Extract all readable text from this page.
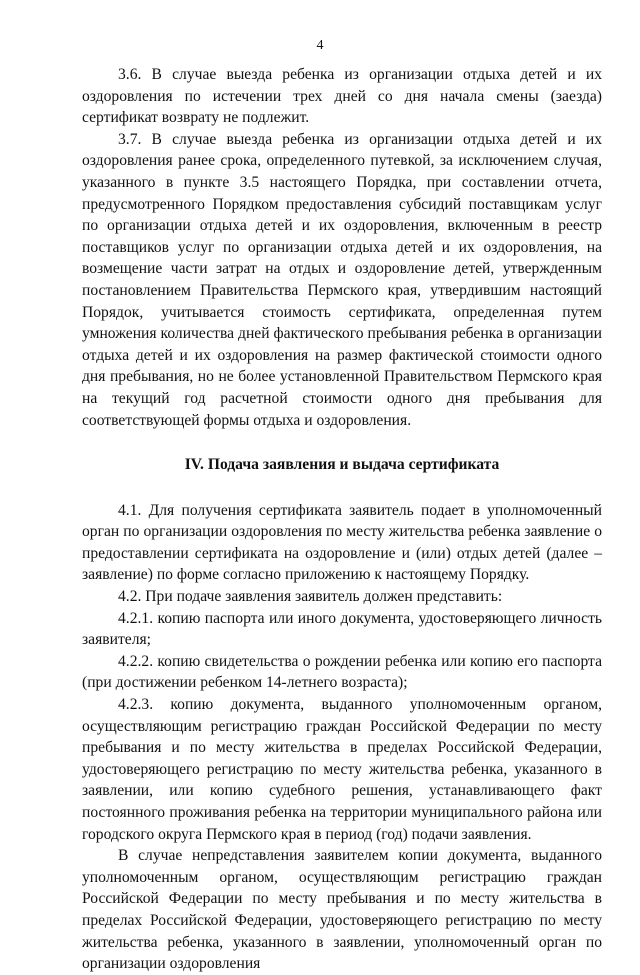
4

3.6. В случае выезда ребенка из организации отдыха детей и их оздоровления по истечении трех дней со дня начала смены (заезда) сертификат возврату не подлежит.

3.7. В случае выезда ребенка из организации отдыха детей и их оздоровления ранее срока, определенного путевкой, за исключением случая, указанного в пункте 3.5 настоящего Порядка, при составлении отчета, предусмотренного Порядком предоставления субсидий поставщикам услуг по организации отдыха детей и их оздоровления, включенным в реестр поставщиков услуг по организации отдыха детей и их оздоровления, на возмещение части затрат на отдых и оздоровление детей, утвержденным постановлением Правительства Пермского края, утвердившим настоящий Порядок, учитывается стоимость сертификата, определенная путем умножения количества дней фактического пребывания ребенка в организации отдыха детей и их оздоровления на размер фактической стоимости одного дня пребывания, но не более установленной Правительством Пермского края на текущий год расчетной стоимости одного дня пребывания для соответствующей формы отдыха и оздоровления.

IV. Подача заявления и выдача сертификата

4.1. Для получения сертификата заявитель подает в уполномоченный орган по организации оздоровления по месту жительства ребенка заявление о предоставлении сертификата на оздоровление и (или) отдых детей (далее – заявление) по форме согласно приложению к настоящему Порядку.

4.2. При подаче заявления заявитель должен представить:

4.2.1. копию паспорта или иного документа, удостоверяющего личность заявителя;

4.2.2. копию свидетельства о рождении ребенка или копию его паспорта (при достижении ребенком 14-летнего возраста);

4.2.3. копию документа, выданного уполномоченным органом, осуществляющим регистрацию граждан Российской Федерации по месту пребывания и по месту жительства в пределах Российской Федерации, удостоверяющего регистрацию по месту жительства ребенка, указанного в заявлении, или копию судебного решения, устанавливающего факт постоянного проживания ребенка на территории муниципального района или городского округа Пермского края в период (год) подачи заявления.

В случае непредставления заявителем копии документа, выданного уполномоченным органом, осуществляющим регистрацию граждан Российской Федерации по месту пребывания и по месту жительства в пределах Российской Федерации, удостоверяющего регистрацию по месту жительства ребенка, указанного в заявлении, уполномоченный орган по организации оздоровления
